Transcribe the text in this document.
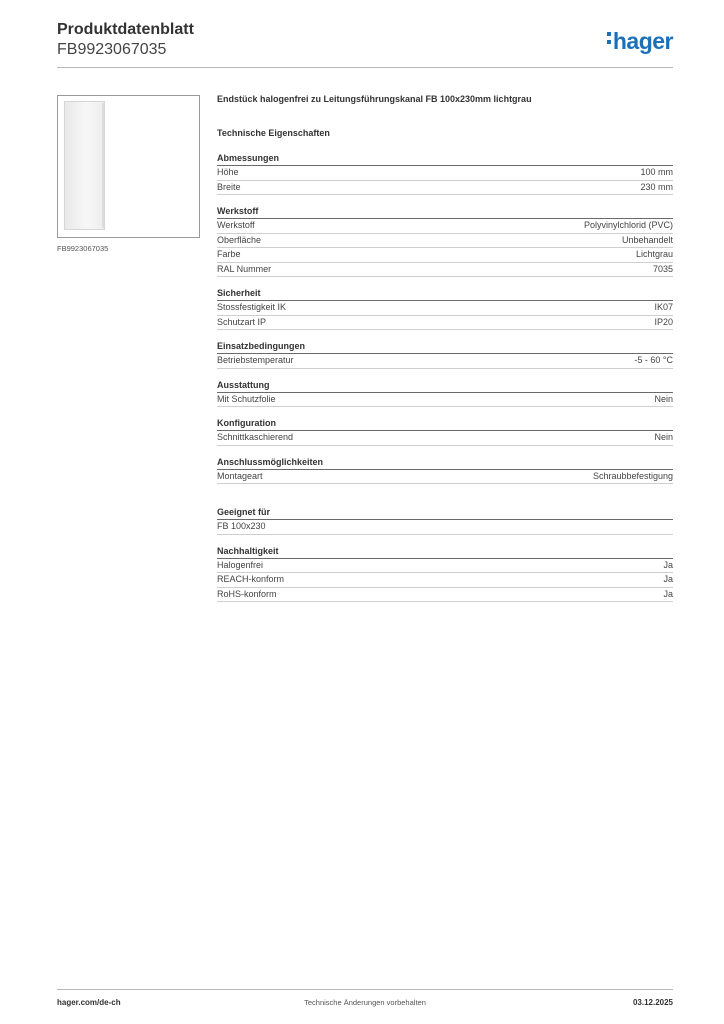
Produktdatenblatt
FB9923067035	hager
FB9923067035
Endstück halogenfrei zu Leitungsführungskanal FB 100x230mm lichtgrau
Technische Eigenschaften
Abmessungen
Höhe	100 mm
Breite	230 mm
Werkstoff
Werkstoff	Polyvinylchlorid (PVC)
Oberfläche	Unbehandelt
Farbe	Lichtgrau
RAL Nummer	7035
Sicherheit
Stossfestigkeit IK	IK07
Schutzart IP	IP20
Einsatzbedingungen
Betriebstemperatur	-5 - 60 °C
Ausstattung
Mit Schutzfolie	Nein
Konfiguration
Schnittkaschierend	Nein
Anschlussmöglichkeiten
Montageart	Schraubbefestigung
Geeignet für
FB 100x230
Nachhaltigkeit
Halogenfrei	Ja
REACH-konform	Ja
RoHS-konform	Ja
hager.com/de-ch	Technische Änderungen vorbehalten	03.12.2025
